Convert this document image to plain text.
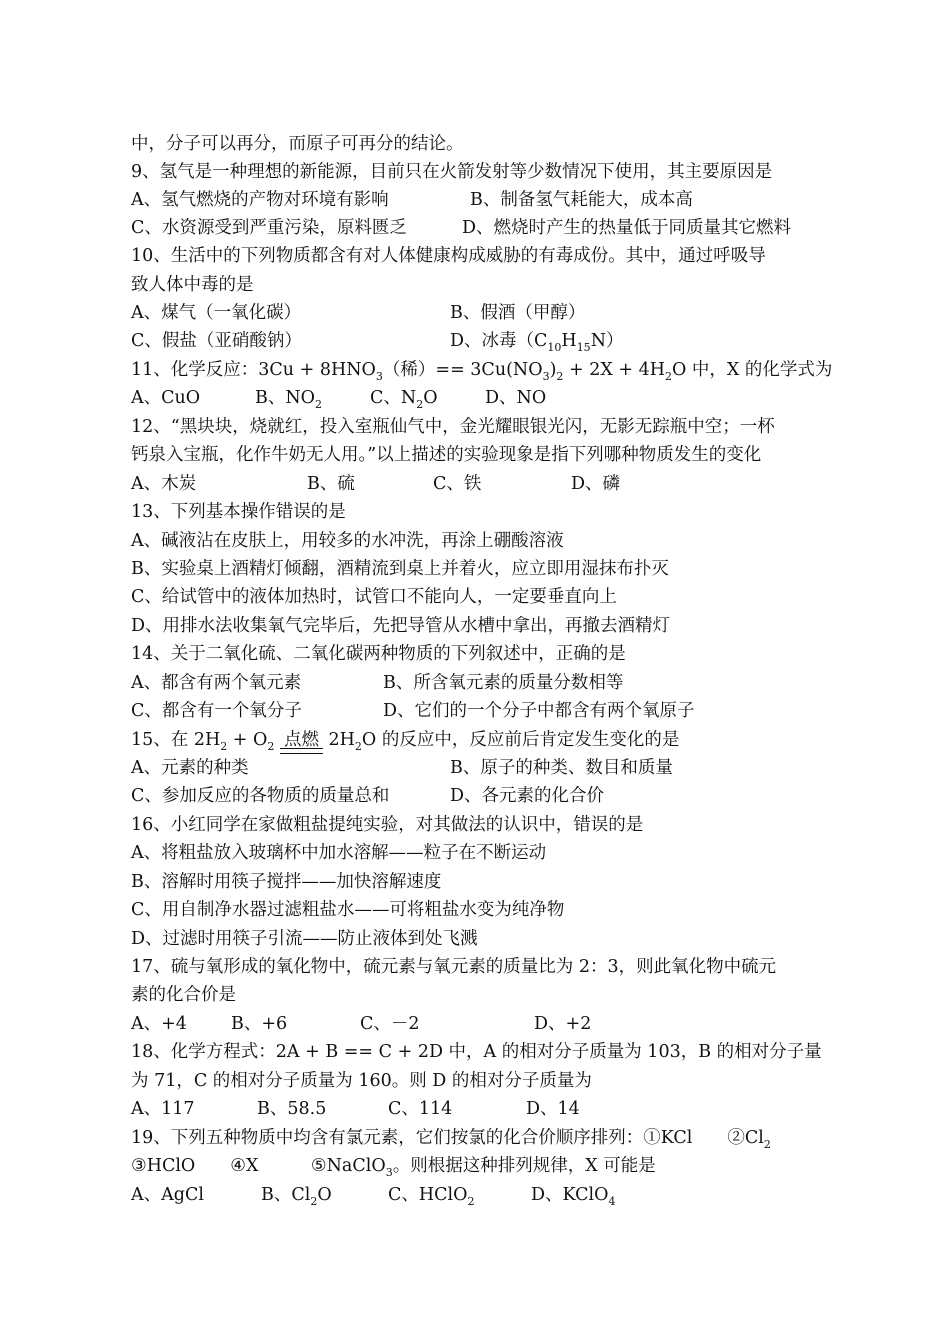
中，分子可以再分，而原子可再分的结论。
9、氢气是一种理想的新能源，目前只在火箭发射等少数情况下使用，其主要原因是
A、氢气燃烧的产物对环境有影响	B、制备氢气耗能大，成本高
C、水资源受到严重污染，原料匮乏	D、燃烧时产生的热量低于同质量其它燃料
10、生活中的下列物质都含有对人体健康构成威胁的有毒成份。其中，通过呼吸导
致人体中毒的是
A、煤气（一氧化碳）	B、假酒（甲醇）
C、假盐（亚硝酸钠）	D、冰毒$(C_{10}H_{15}N)$
11、化学反应：$3Cu + 8HNO_3$（稀）== $3Cu(NO_3)_2 + 2X + 4H_2O$ 中，X 的化学式为
A、CuO	B、$NO_2$	C、$N_2O$	D、NO
12、“黑块块，烧就红，投入室瓶仙气中，金光耀眼银光闪，无影无踪瓶中空；一杯
钙泉入宝瓶，化作牛奶无人用。”以上描述的实验现象是指下列哪种物质发生的变化
A、木炭	B、硫	C、铁	D、磷
13、下列基本操作错误的是
A、碱液沾在皮肤上，用较多的水冲洗，再涂上硼酸溶液
B、实验桌上酒精灯倾翻，酒精流到桌上并着火，应立即用湿抹布扑灭
C、给试管中的液体加热时，试管口不能向人，一定要垂直向上
D、用排水法收集氧气完毕后，先把导管从水槽中拿出，再撤去酒精灯
14、关于二氧化硫、二氧化碳两种物质的下列叙述中，正确的是
A、都含有两个氧元素	B、所含氧元素的质量分数相等
C、都含有一个氧分子	D、它们的一个分子中都含有两个氧原子
15、在 $2H_2 + O_2$ 点燃 $2H_2O$ 的反应中，反应前后肯定发生变化的是
A、元素的种类	B、原子的种类、数目和质量
C、参加反应的各物质的质量总和	D、各元素的化合价
16、小红同学在家做粗盐提纯实验，对其做法的认识中，错误的是
A、将粗盐放入玻璃杯中加水溶解——粒子在不断运动
B、溶解时用筷子搅拌——加快溶解速度
C、用自制净水器过滤粗盐水——可将粗盐水变为纯净物
D、过滤时用筷子引流——防止液体到处飞溅
17、硫与氧形成的氧化物中，硫元素与氧元素的质量比为 2：3，则此氧化物中硫元
素的化合价是
A、+4	B、+6	C、－2	D、+2
18、化学方程式：2A + B == C + 2D 中，A 的相对分子质量为 103，B 的相对分子量
为 71，C 的相对分子质量为 160。则 D 的相对分子质量为
A、117	B、58.5	C、114	D、14
19、下列五种物质中均含有氯元素，它们按氯的化合价顺序排列：①KCl　　$②Cl_2$
③HClO　　④X　　　⑤NaClO$_3$。则根据这种排列规律，X 可能是
A、AgCl	B、$Cl_2O$	C、HClO$_2$	D、KClO$_4$
